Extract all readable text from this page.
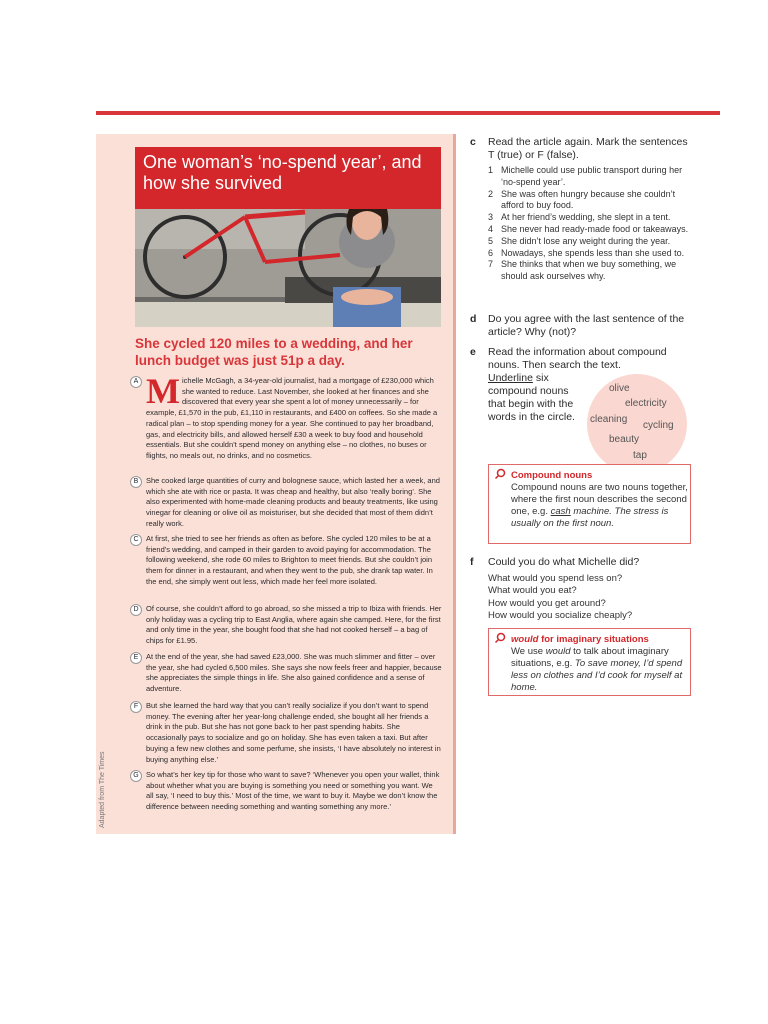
One woman’s ‘no-spend year’, and how she survived
She cycled 120 miles to a wedding, and her lunch budget was just 51p a day.
A M ichelle McGagh, a 34-year-old journalist, had a mortgage of £230,000 which she wanted to reduce. Last November, she looked at her finances and she discovered that every year she spent a lot of money unnecessarily – for example, £1,570 in the pub, £1,110 in restaurants, and £400 on coffees. So she made a radical plan – to stop spending money for a year. She continued to pay her broadband, gas, and electricity bills, and allowed herself £30 a week to buy food and household essentials. But she couldn’t spend money on anything else – no clothes, no buses or flights, no meals out, no drinks, and no cosmetics.
B	She cooked large quantities of curry and bolognese sauce, which lasted her a week, and which she ate with rice or pasta. It was cheap and healthy, but also ‘really boring’. She also experimented with home-made cleaning products and beauty treatments, like using vinegar for cleaning or olive oil as moisturiser, but she decided that most of them didn’t really work.
C At first, she tried to see her friends as often as before. She cycled 120 miles to be at a friend’s wedding, and camped in their garden to avoid paying for accommodation. The following weekend, she rode 60 miles to Brighton to meet friends. But she couldn’t join them for dinner in a restaurant, and when they went to the pub, she drank tap water. In the end, she simply went out less, which made her feel more isolated.
D Of course, she couldn’t afford to go abroad, so she missed a trip to Ibiza with friends. Her only holiday was a cycling trip to East Anglia, where again she camped. Here, for the first and only time in the year, she bought food that she had not cooked herself – a bag of chips for £1.95.
E	At the end of the year, she had saved £23,000. She was much slimmer and fitter – over the year, she had cycled 6,500 miles. She says she now feels freer and happier, because she appreciates the simple things in life. She also gained confidence and a sense of adventure.
F	But she learned the hard way that you can’t really socialize if you don’t want to spend money. The evening after her year-long challenge ended, she bought all her friends a drink in the pub. But she has not gone back to her past spending habits. She occasionally pays to socialize and go on holiday. She has even taken a taxi. But after buying a few new clothes and some perfume, she insists, ‘I have absolutely no interest in buying anything else.’
G So what’s her key tip for those who want to save? ‘Whenever you open your wallet, think about whether what you are buying is something you need or something you want. We all say, ‘I need to buy this.’ Most of the time, we want to buy it. Maybe we don’t know the difference between needing something and wanting something any more.’
Adapted from The Times
c Read the article again. Mark the sentences T (true) or F (false).
1 Michelle could use public transport during her ‘no-spend year’.
2 She was often hungry because she couldn’t afford to buy food.
3 At her friend’s wedding, she slept in a tent.
4 She never had ready-made food or takeaways.
5 She didn’t lose any weight during the year.
6 Nowadays, she spends less than she used to.
7 She thinks that when we buy something, we should ask ourselves why.
d Do you agree with the last sentence of the article? Why (not)?
e Read the information about compound nouns. Then search the text.
Underline six compound nouns that begin with the words in the circle.
olive
electricity
cleaning
cycling
beauty
tap
Compound nouns
Compound nouns are two nouns together, where the first noun describes the second one, e.g. cash machine. The stress is usually on the first noun.
f Could you do what Michelle did?
What would you spend less on?
What would you eat?
How would you get around?
How would you socialize cheaply?
would for imaginary situations
We use would to talk about imaginary situations, e.g. To save money, I’d spend less on clothes and I’d cook for myself at home.
